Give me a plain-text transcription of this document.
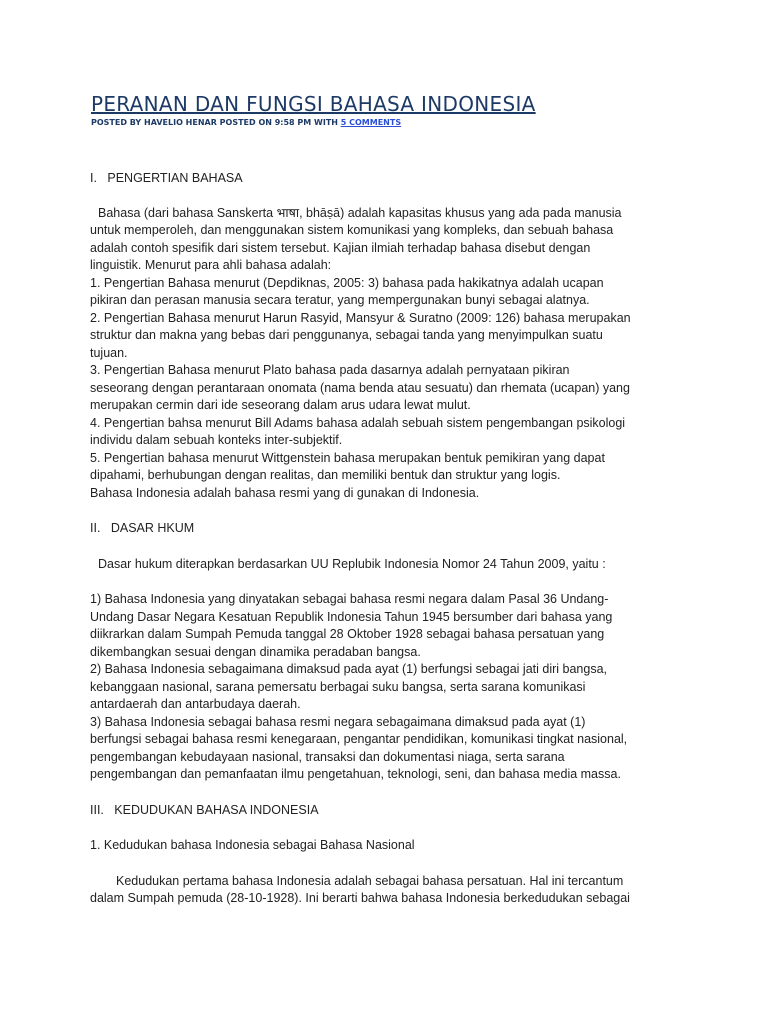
PERANAN DAN FUNGSI BAHASA INDONESIA
POSTED BY HAVELIO HENAR POSTED ON 9:58 PM WITH 5 COMMENTS

I.   PENGERTIAN BAHASA

Bahasa (dari bahasa Sanskerta भाषा, bhāṣā) adalah kapasitas khusus yang ada pada manusia

untuk memperoleh, dan menggunakan sistem komunikasi yang kompleks, dan sebuah bahasa

adalah contoh spesifik dari sistem tersebut. Kajian ilmiah terhadap bahasa disebut dengan

linguistik. Menurut para ahli bahasa adalah:

1. Pengertian Bahasa menurut (Depdiknas, 2005: 3) bahasa pada hakikatnya adalah ucapan

pikiran dan perasan manusia secara teratur, yang mempergunakan bunyi sebagai alatnya.

2. Pengertian Bahasa menurut Harun Rasyid, Mansyur & Suratno (2009: 126) bahasa merupakan

struktur dan makna yang bebas dari penggunanya, sebagai tanda yang menyimpulkan suatu

tujuan.

3. Pengertian Bahasa menurut Plato bahasa pada dasarnya adalah pernyataan pikiran

seseorang dengan perantaraan onomata (nama benda atau sesuatu) dan rhemata (ucapan) yang

merupakan cermin dari ide seseorang dalam arus udara lewat mulut.

4. Pengertian bahsa menurut Bill Adams bahasa adalah sebuah sistem pengembangan psikologi

individu dalam sebuah konteks inter-subjektif.

5. Pengertian bahasa menurut Wittgenstein bahasa merupakan bentuk pemikiran yang dapat

dipahami, berhubungan dengan realitas, dan memiliki bentuk dan struktur yang logis.

Bahasa Indonesia adalah bahasa resmi yang di gunakan di Indonesia.

II.   DASAR HKUM

Dasar hukum diterapkan berdasarkan UU Replubik Indonesia Nomor 24 Tahun 2009, yaitu :

1) Bahasa Indonesia yang dinyatakan sebagai bahasa resmi negara dalam Pasal 36 Undang-

Undang Dasar Negara Kesatuan Republik Indonesia Tahun 1945 bersumber dari bahasa yang

diikrarkan dalam Sumpah Pemuda tanggal 28 Oktober 1928 sebagai bahasa persatuan yang

dikembangkan sesuai dengan dinamika peradaban bangsa.

2) Bahasa Indonesia sebagaimana dimaksud pada ayat (1) berfungsi sebagai jati diri bangsa,

kebanggaan nasional, sarana pemersatu berbagai suku bangsa, serta sarana komunikasi

antardaerah dan antarbudaya daerah.

3) Bahasa Indonesia sebagai bahasa resmi negara sebagaimana dimaksud pada ayat (1)

berfungsi sebagai bahasa resmi kenegaraan, pengantar pendidikan, komunikasi tingkat nasional,

pengembangan kebudayaan nasional, transaksi dan dokumentasi niaga, serta sarana

pengembangan dan pemanfaatan ilmu pengetahuan, teknologi, seni, dan bahasa media massa.

III.   KEDUDUKAN BAHASA INDONESIA

1. Kedudukan bahasa Indonesia sebagai Bahasa Nasional

Kedudukan pertama bahasa Indonesia adalah sebagai bahasa persatuan. Hal ini tercantum

dalam Sumpah pemuda (28-10-1928). Ini berarti bahwa bahasa Indonesia berkedudukan sebagai
